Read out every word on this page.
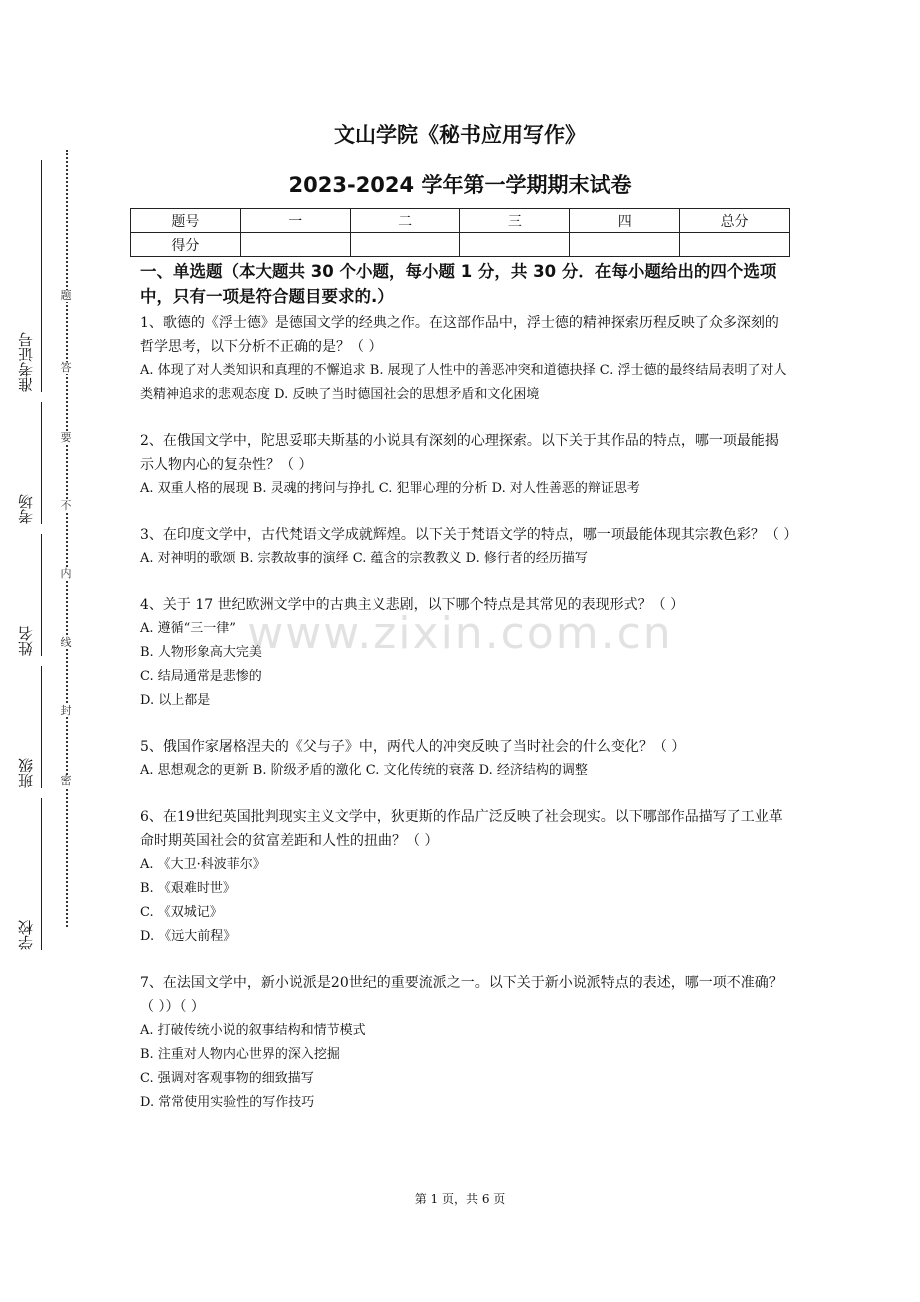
准考证号
考场
姓名
班级
学校
题
答
要
不
内
线
封
密
文山学院《秘书应用写作》
2023-2024 学年第一学期期末试卷
题号	一	二	三	四	总分
得分					
一、单选题（本大题共 30 个小题，每小题 1 分，共 30 分．在每小题给出的四个选项中，只有一项是符合题目要求的.）
1、歌德的《浮士德》是德国文学的经典之作。在这部作品中，浮士德的精神探索历程反映了众多深刻的哲学思考，以下分析不正确的是？（ ）
A. 体现了对人类知识和真理的不懈追求 B. 展现了人性中的善恶冲突和道德抉择 C. 浮士德的最终结局表明了对人类精神追求的悲观态度 D. 反映了当时德国社会的思想矛盾和文化困境
2、在俄国文学中，陀思妥耶夫斯基的小说具有深刻的心理探索。以下关于其作品的特点，哪一项最能揭示人物内心的复杂性？（ ）
A. 双重人格的展现 B. 灵魂的拷问与挣扎 C. 犯罪心理的分析 D. 对人性善恶的辩证思考
3、在印度文学中，古代梵语文学成就辉煌。以下关于梵语文学的特点，哪一项最能体现其宗教色彩？（ ）
A. 对神明的歌颂 B. 宗教故事的演绎 C. 蕴含的宗教教义 D. 修行者的经历描写
4、关于 17 世纪欧洲文学中的古典主义悲剧，以下哪个特点是其常见的表现形式？（ ）
A. 遵循“三一律”
B. 人物形象高大完美
C. 结局通常是悲惨的
D. 以上都是
5、俄国作家屠格涅夫的《父与子》中，两代人的冲突反映了当时社会的什么变化？（ ）
A. 思想观念的更新 B. 阶级矛盾的激化 C. 文化传统的衰落 D. 经济结构的调整
6、在19世纪英国批判现实主义文学中，狄更斯的作品广泛反映了社会现实。以下哪部作品描写了工业革命时期英国社会的贫富差距和人性的扭曲？（ ）
A. 《大卫·科波菲尔》
B. 《艰难时世》
C. 《双城记》
D. 《远大前程》
7、在法国文学中，新小说派是20世纪的重要流派之一。以下关于新小说派特点的表述，哪一项不准确？（ ））（ ）
A. 打破传统小说的叙事结构和情节模式
B. 注重对人物内心世界的深入挖掘
C. 强调对客观事物的细致描写
D. 常常使用实验性的写作技巧
www.zixin.com.cn
第 1 页，共 6 页
